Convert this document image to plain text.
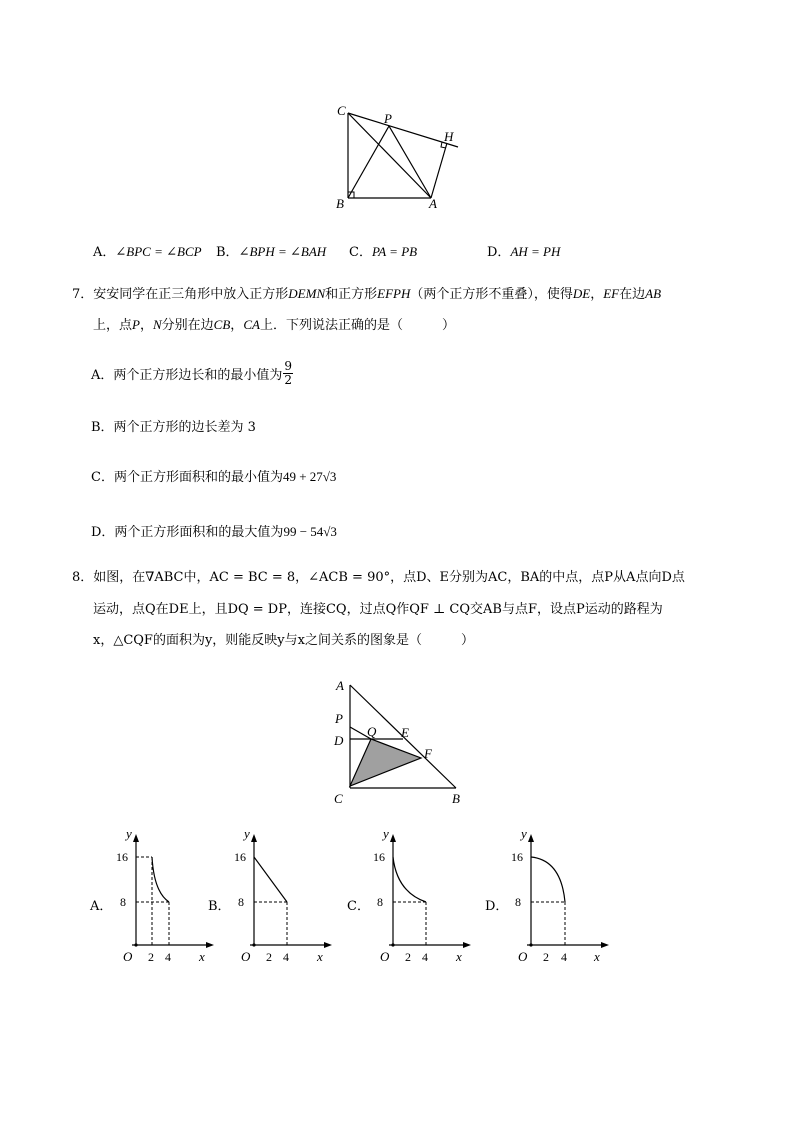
C
P
H
B	A
A．∠BPC = ∠BCP B．∠BPH = ∠BAH C．PA = PB	D．AH = PH
7．安安同学在正三角形中放入正方形DEMN和正方形EFPH（两个正方形不重叠），使得DE，EF在边AB
上，点P，N分别在边CB，CA上．下列说法正确的是（　　　）
A．两个正方形边长和的最小值为 $\frac{9}{2}$
B．两个正方形的边长差为 3
C．两个正方形面积和的最小值为49 + 27√3
D．两个正方形面积和的最大值为99 − 54√3
8．如图，在∇ABC中，AC = BC = 8，∠ACB = 90°，点D、E分别为AC，BA的中点，点P从A点向D点
运动，点Q在DE上，且DQ = DP，连接CQ，过点Q作QF ⊥ CQ交AB与点F，设点P运动的路程为
x，△CQF的面积为y，则能反映y与x之间关系的图象是（　　　）
A
P
Q E
D
F
C	B
A．
y
16
8
O 2 4 x
B．
y
16
8
O 2 4 x
C．
y
16
8
O 2 4 x
D．
y
16
8
O 2 4 x
